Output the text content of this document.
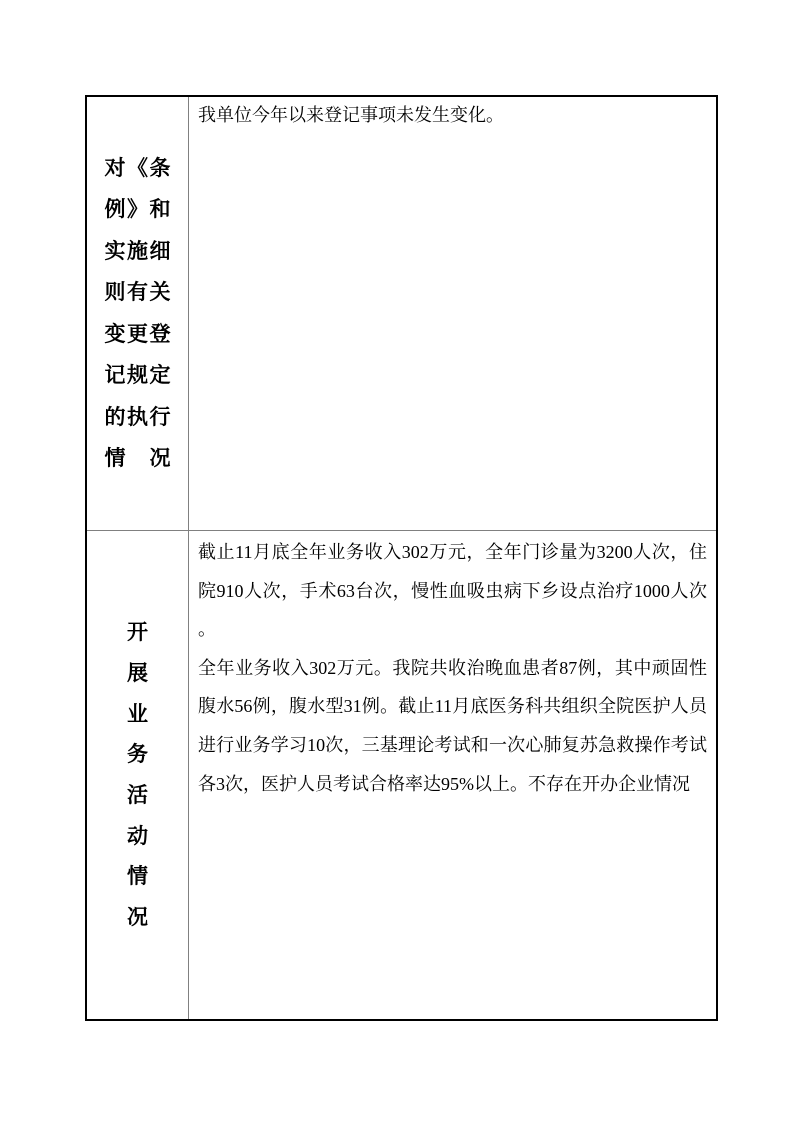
对 《 条
例 》 和
实 施 细
则 有 关
变 更 登
记 规 定
的 执 行
情 况
我单位今年以来登记事项未发生变化。
开
展
业
务
活
动
情
况
截止11月底全年业务收入302万元，全年门诊量为3200人次，住
院910人次，手术63台次，慢性血吸虫病下乡设点治疗1000人次 。
全年业务收入302万元。我院共收治晚血患者87例，其中顽固性
腹水56例，腹水型31例。截止11月底医务科共组织全院医护人员
进行业务学习10次，三基理论考试和一次心肺复苏急救操作考试
各3次，医护人员考试合格率达95%以上。不存在开办企业情况
